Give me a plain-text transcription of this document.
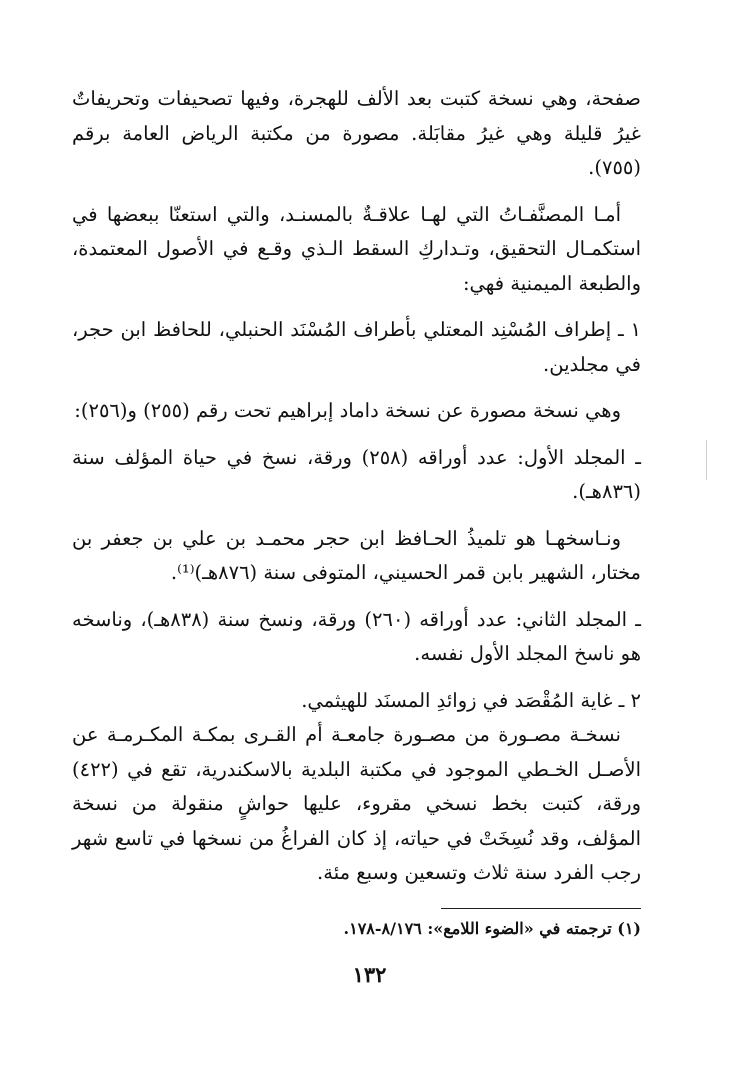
صفحة، وهي نسخة كتبت بعد الألف للهجرة، وفيها تصحيفات وتحريفاتٌ غيرُ قليلة وهي غيرُ مقابَلة. مصورة من مكتبة الرياض العامة برقم (٧٥٥).

أمـا المصنَّفـاتُ التي لهـا علاقـةٌ بالمسنـد، والتي استعنّا ببعضها في استكمـال التحقيق، وتـداركِ السقط الـذي وقـع في الأصول المعتمدة، والطبعة الميمنية فهي:

١ ـ إطراف المُسْنِد المعتلي بأطراف المُسْنَد الحنبلي، للحافظ ابن حجر، في مجلدين.

وهي نسخة مصورة عن نسخة داماد إبراهيم تحت رقم (٢٥٥) و(٢٥٦):

ـ المجلد الأول: عدد أوراقه (٢٥٨) ورقة، نسخ في حياة المؤلف سنة (٨٣٦هـ).

ونـاسخهـا هو تلميذُ الحـافظ ابن حجر محمـد بن علي بن جعفر بن مختار، الشهير بابن قمر الحسيني، المتوفى سنة (٨٧٦هـ)⁽¹⁾.

ـ المجلد الثاني: عدد أوراقه (٢٦٠) ورقة، ونسخ سنة (٨٣٨هـ)، وناسخه هو ناسخ المجلد الأول نفسه.

٢ ـ غاية المُقْصَد في زوائدِ المسنَد للهيثمي.

نسخـة مصـورة من مصـورة جامعـة أم القـرى بمكـة المكـرمـة عن الأصـل الخـطي الموجود في مكتبة البلدية بالاسكندرية، تقع في (٤٢٢) ورقة، كتبت بخط نسخي مقروء، عليها حواشٍ منقولة من نسخة المؤلف، وقد نُسِخَتْ في حياته، إذ كان الفراغُ من نسخها في تاسع شهر رجب الفرد سنة ثلاث وتسعين وسبع مئة.

(١) ترجمته في «الضوء اللامع»: ٨/١٧٦-١٧٨.
١٣٢
